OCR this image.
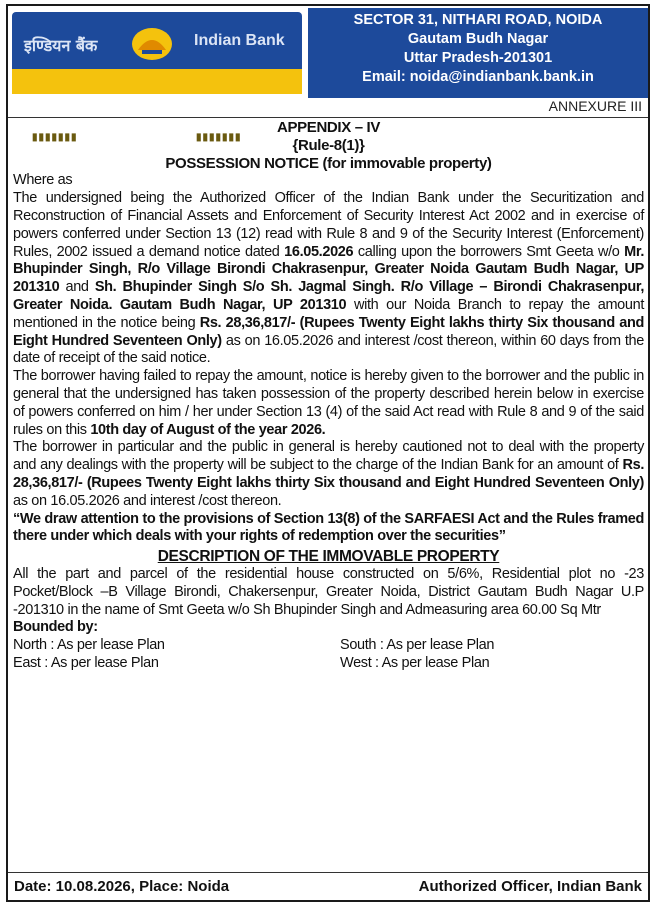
इण्डियन बैंक	Indian Bank
▮▮▮▮▮▮▮	▮▮▮▮▮▮▮
SECTOR 31, NITHARI ROAD, NOIDA
Gautam Budh Nagar
Uttar Pradesh-201301
Email: noida@indianbank.bank.in
ANNEXURE III
APPENDIX – IV
{Rule-8(1)}
POSSESSION NOTICE (for immovable property)
Where as

The undersigned being the Authorized Officer of the Indian Bank under the Securitization and Reconstruction of Financial Assets and Enforcement of Security Interest Act 2002 and in exercise of powers conferred under Section 13 (12) read with Rule 8 and 9 of the Security Interest (Enforcement) Rules, 2002 issued a demand notice dated 16.05.2026 calling upon the borrowers Smt Geeta w/o Mr. Bhupinder Singh, R/o Village Birondi Chakrasenpur, Greater Noida Gautam Budh Nagar, UP 201310 and Sh. Bhupinder Singh S/o Sh. Jagmal Singh. R/o Village – Birondi Chakrasenpur, Greater Noida. Gautam Budh Nagar, UP 201310 with our Noida Branch to repay the amount mentioned in the notice being Rs. 28,36,817/- (Rupees Twenty Eight lakhs thirty Six thousand and Eight Hundred Seventeen Only) as on 16.05.2026 and interest /cost thereon, within 60 days from the date of receipt of the said notice.

The borrower having failed to repay the amount, notice is hereby given to the borrower and the public in general that the undersigned has taken possession of the property described herein below in exercise of powers conferred on him / her under Section 13 (4) of the said Act read with Rule 8 and 9 of the said rules on this 10th day of August of the year 2026.

The borrower in particular and the public in general is hereby cautioned not to deal with the property and any dealings with the property will be subject to the charge of the Indian Bank for an amount of Rs. 28,36,817/- (Rupees Twenty Eight lakhs thirty Six thousand and Eight Hundred Seventeen Only) as on 16.05.2026 and interest /cost thereon.

“We draw attention to the provisions of Section 13(8) of the SARFAESI Act and the Rules framed there under which deals with your rights of redemption over the securities”

DESCRIPTION OF THE IMMOVABLE PROPERTY

All the part and parcel of the residential house constructed on 5/6%, Residential plot no -23 Pocket/Block –B Village Birondi, Chakersenpur, Greater Noida, District Gautam Budh Nagar U.P -201310 in the name of Smt Geeta w/o Sh Bhupinder Singh and Admeasuring area 60.00 Sq Mtr

Bounded by:
North : As per lease Plan	South : As per lease Plan
East : As per lease Plan	West : As per lease Plan
Date: 10.08.2026, Place: Noida	Authorized Officer, Indian Bank
